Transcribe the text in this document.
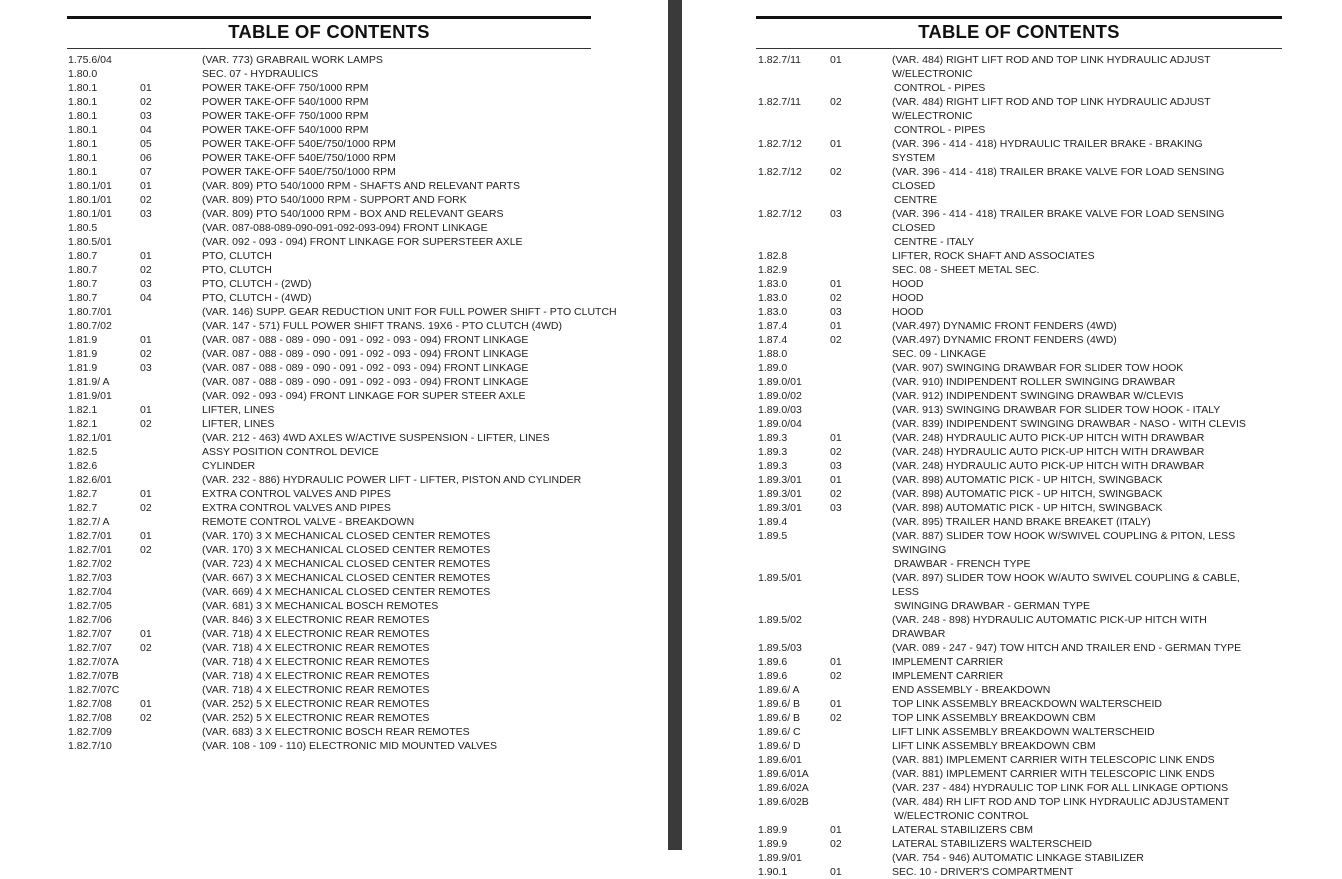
TABLE OF CONTENTS
1.75.6/04	(VAR. 773) GRABRAIL WORK LAMPS
1.80.0	SEC. 07 - HYDRAULICS
1.80.1	01	POWER TAKE-OFF 750/1000 RPM
1.80.1	02	POWER TAKE-OFF 540/1000 RPM
1.80.1	03	POWER TAKE-OFF 750/1000 RPM
1.80.1	04	POWER TAKE-OFF 540/1000 RPM
1.80.1	05	POWER TAKE-OFF 540E/750/1000 RPM
1.80.1	06	POWER TAKE-OFF 540E/750/1000 RPM
1.80.1	07	POWER TAKE-OFF 540E/750/1000 RPM
1.80.1/01	01	(VAR. 809) PTO 540/1000 RPM - SHAFTS AND RELEVANT PARTS
1.80.1/01	02	(VAR. 809) PTO 540/1000 RPM - SUPPORT AND FORK
1.80.1/01	03	(VAR. 809) PTO 540/1000 RPM - BOX AND RELEVANT GEARS
1.80.5	(VAR. 087-088-089-090-091-092-093-094) FRONT LINKAGE
1.80.5/01	(VAR. 092 - 093 - 094) FRONT LINKAGE FOR SUPERSTEER AXLE
1.80.7	01	PTO, CLUTCH
1.80.7	02	PTO, CLUTCH
1.80.7	03	PTO, CLUTCH - (2WD)
1.80.7	04	PTO, CLUTCH - (4WD)
1.80.7/01	(VAR. 146) SUPP. GEAR REDUCTION UNIT FOR FULL POWER SHIFT - PTO CLUTCH
1.80.7/02	(VAR. 147 - 571) FULL POWER SHIFT TRANS. 19X6 - PTO CLUTCH (4WD)
1.81.9	01	(VAR. 087 - 088 - 089 - 090 - 091 - 092 - 093 - 094) FRONT LINKAGE
1.81.9	02	(VAR. 087 - 088 - 089 - 090 - 091 - 092 - 093 - 094) FRONT LINKAGE
1.81.9	03	(VAR. 087 - 088 - 089 - 090 - 091 - 092 - 093 - 094) FRONT LINKAGE
1.81.9/ A	(VAR. 087 - 088 - 089 - 090 - 091 - 092 - 093 - 094) FRONT LINKAGE
1.81.9/01	(VAR. 092 - 093 - 094) FRONT LINKAGE FOR SUPER STEER AXLE
1.82.1	01	LIFTER, LINES
1.82.1	02	LIFTER, LINES
1.82.1/01	(VAR. 212 - 463) 4WD AXLES W/ACTIVE SUSPENSION - LIFTER, LINES
1.82.5	ASSY POSITION CONTROL DEVICE
1.82.6	CYLINDER
1.82.6/01	(VAR. 232 - 886) HYDRAULIC POWER LIFT - LIFTER, PISTON AND CYLINDER
1.82.7	01	EXTRA CONTROL VALVES AND PIPES
1.82.7	02	EXTRA CONTROL VALVES AND PIPES
1.82.7/ A	REMOTE CONTROL VALVE - BREAKDOWN
1.82.7/01	01	(VAR. 170) 3 X MECHANICAL CLOSED CENTER REMOTES
1.82.7/01	02	(VAR. 170) 3 X MECHANICAL CLOSED CENTER REMOTES
1.82.7/02	(VAR. 723) 4 X MECHANICAL CLOSED CENTER REMOTES
1.82.7/03	(VAR. 667) 3 X MECHANICAL CLOSED CENTER REMOTES
1.82.7/04	(VAR. 669) 4 X MECHANICAL CLOSED CENTER REMOTES
1.82.7/05	(VAR. 681) 3 X MECHANICAL BOSCH REMOTES
1.82.7/06	(VAR. 846) 3 X ELECTRONIC REAR REMOTES
1.82.7/07	01	(VAR. 718) 4 X ELECTRONIC REAR REMOTES
1.82.7/07	02	(VAR. 718) 4 X ELECTRONIC REAR REMOTES
1.82.7/07A	(VAR. 718) 4 X ELECTRONIC REAR REMOTES
1.82.7/07B	(VAR. 718) 4 X ELECTRONIC REAR REMOTES
1.82.7/07C	(VAR. 718) 4 X ELECTRONIC REAR REMOTES
1.82.7/08	01	(VAR. 252) 5 X ELECTRONIC REAR REMOTES
1.82.7/08	02	(VAR. 252) 5 X ELECTRONIC REAR REMOTES
1.82.7/09	(VAR. 683) 3 X ELECTRONIC BOSCH REAR REMOTES
1.82.7/10	(VAR. 108 - 109 - 110) ELECTRONIC MID MOUNTED VALVES
TABLE OF CONTENTS
1.82.7/11	01	(VAR. 484) RIGHT LIFT ROD AND TOP LINK HYDRAULIC ADJUST W/ELECTRONIC
CONTROL - PIPES
1.82.7/11	02	(VAR. 484) RIGHT LIFT ROD AND TOP LINK HYDRAULIC ADJUST W/ELECTRONIC
CONTROL - PIPES
1.82.7/12	01	(VAR. 396 - 414 - 418) HYDRAULIC TRAILER BRAKE - BRAKING SYSTEM
1.82.7/12	02	(VAR. 396 - 414 - 418) TRAILER BRAKE VALVE FOR LOAD SENSING CLOSED
CENTRE
1.82.7/12	03	(VAR. 396 - 414 - 418) TRAILER BRAKE VALVE FOR LOAD SENSING CLOSED
CENTRE - ITALY
1.82.8	LIFTER, ROCK SHAFT AND ASSOCIATES
1.82.9	SEC. 08 - SHEET METAL SEC.
1.83.0	01	HOOD
1.83.0	02	HOOD
1.83.0	03	HOOD
1.87.4	01	(VAR.497) DYNAMIC FRONT FENDERS (4WD)
1.87.4	02	(VAR.497) DYNAMIC FRONT FENDERS (4WD)
1.88.0	SEC. 09 - LINKAGE
1.89.0	(VAR. 907) SWINGING DRAWBAR FOR SLIDER TOW HOOK
1.89.0/01	(VAR. 910) INDIPENDENT ROLLER SWINGING DRAWBAR
1.89.0/02	(VAR. 912) INDIPENDENT SWINGING DRAWBAR W/CLEVIS
1.89.0/03	(VAR. 913) SWINGING DRAWBAR FOR SLIDER TOW HOOK - ITALY
1.89.0/04	(VAR. 839) INDIPENDENT SWINGING DRAWBAR - NASO - WITH CLEVIS
1.89.3	01	(VAR. 248) HYDRAULIC AUTO PICK-UP HITCH WITH DRAWBAR
1.89.3	02	(VAR. 248) HYDRAULIC AUTO PICK-UP HITCH WITH DRAWBAR
1.89.3	03	(VAR. 248) HYDRAULIC AUTO PICK-UP HITCH WITH DRAWBAR
1.89.3/01	01	(VAR. 898) AUTOMATIC PICK - UP HITCH, SWINGBACK
1.89.3/01	02	(VAR. 898) AUTOMATIC PICK - UP HITCH, SWINGBACK
1.89.3/01	03	(VAR. 898) AUTOMATIC PICK - UP HITCH, SWINGBACK
1.89.4	(VAR. 895) TRAILER HAND BRAKE BREAKET (ITALY)
1.89.5	(VAR. 887) SLIDER TOW HOOK W/SWIVEL COUPLING & PITON, LESS SWINGING
DRAWBAR - FRENCH TYPE
1.89.5/01	(VAR. 897) SLIDER TOW HOOK W/AUTO SWIVEL COUPLING & CABLE, LESS
SWINGING DRAWBAR - GERMAN TYPE
1.89.5/02	(VAR. 248 - 898) HYDRAULIC AUTOMATIC PICK-UP HITCH WITH DRAWBAR
1.89.5/03	(VAR. 089 - 247 - 947) TOW HITCH AND TRAILER END - GERMAN TYPE
1.89.6	01	IMPLEMENT CARRIER
1.89.6	02	IMPLEMENT CARRIER
1.89.6/ A	END ASSEMBLY - BREAKDOWN
1.89.6/ B	01	TOP LINK ASSEMBLY BREACKDOWN WALTERSCHEID
1.89.6/ B	02	TOP LINK ASSEMBLY BREAKDOWN CBM
1.89.6/ C	LIFT LINK ASSEMBLY BREAKDOWN WALTERSCHEID
1.89.6/ D	LIFT LINK ASSEMBLY BREAKDOWN CBM
1.89.6/01	(VAR. 881) IMPLEMENT CARRIER WITH TELESCOPIC LINK ENDS
1.89.6/01A	(VAR. 881) IMPLEMENT CARRIER WITH TELESCOPIC LINK ENDS
1.89.6/02A	(VAR. 237 - 484) HYDRAULIC TOP LINK FOR ALL LINKAGE OPTIONS
1.89.6/02B	(VAR. 484) RH LIFT ROD AND TOP LINK HYDRAULIC ADJUSTAMENT
W/ELECTRONIC CONTROL
1.89.9	01	LATERAL STABILIZERS CBM
1.89.9	02	LATERAL STABILIZERS WALTERSCHEID
1.89.9/01	(VAR. 754 - 946) AUTOMATIC LINKAGE STABILIZER
1.90.1	01	SEC. 10 - DRIVER'S COMPARTMENT
